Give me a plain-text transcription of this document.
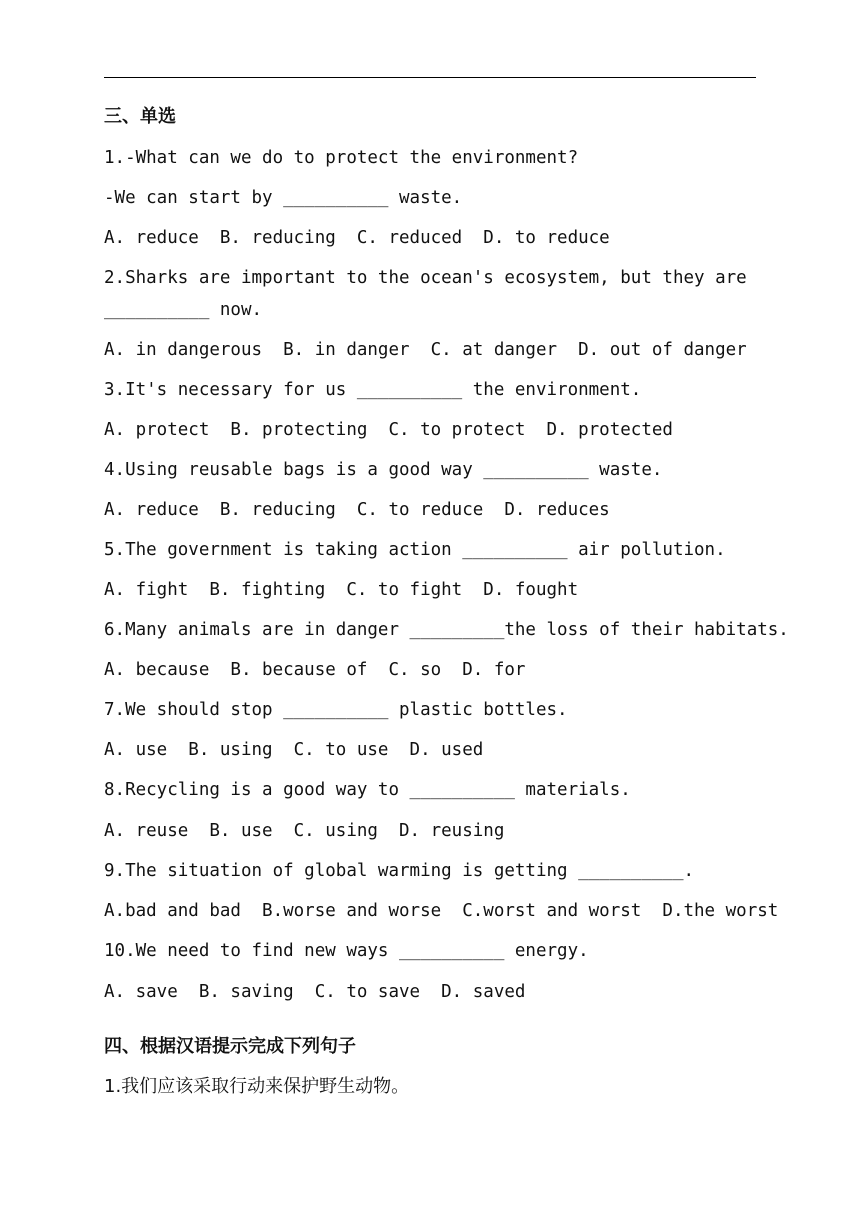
三、单选
1.-What can we do to protect the environment?
-We can start by __________ waste.
A. reduce  B. reducing  C. reduced  D. to reduce
2.Sharks are important to the ocean's ecosystem, but they are
__________ now.
A. in dangerous  B. in danger  C. at danger  D. out of danger
3.It's necessary for us __________ the environment.
A. protect  B. protecting  C. to protect  D. protected
4.Using reusable bags is a good way __________ waste.
A. reduce  B. reducing  C. to reduce  D. reduces
5.The government is taking action __________ air pollution.
A. fight  B. fighting  C. to fight  D. fought
6.Many animals are in danger _________the loss of their habitats.
A. because  B. because of  C. so  D. for
7.We should stop __________ plastic bottles.
A. use  B. using  C. to use  D. used
8.Recycling is a good way to __________ materials.
A. reuse  B. use  C. using  D. reusing
9.The situation of global warming is getting __________.
A.bad and bad  B.worse and worse  C.worst and worst  D.the worst
10.We need to find new ways __________ energy.
A. save  B. saving  C. to save  D. saved
四、根据汉语提示完成下列句子
1.我们应该采取行动来保护野生动物。
